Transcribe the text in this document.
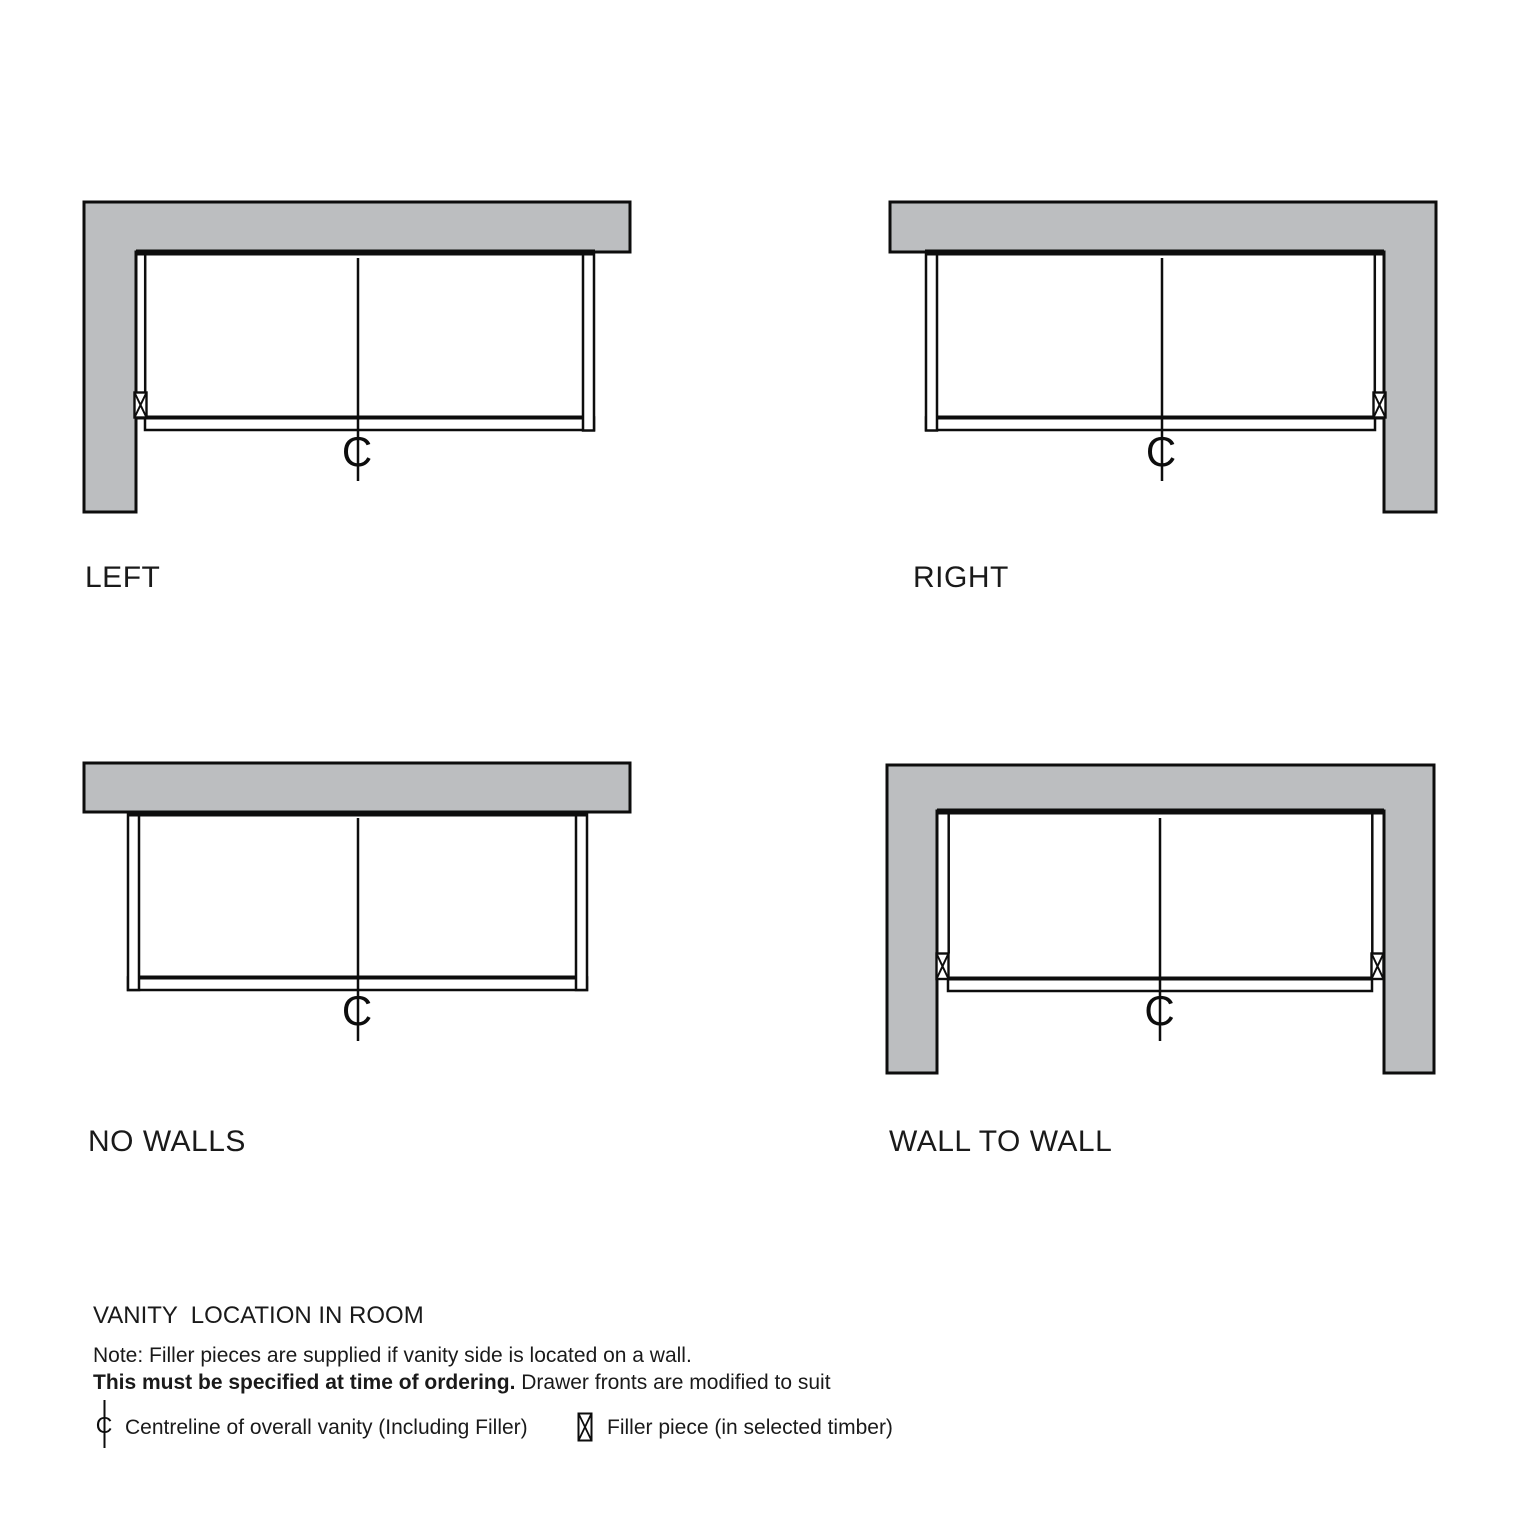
C	C
C	C
LEFT	RIGHT
NO WALLS	WALL TO WALL
VANITY  LOCATION IN ROOM
Note: Filler pieces are supplied if vanity side is located on a wall.
This must be specified at time of ordering. Drawer fronts are modified to suit
C Centreline of overall vanity (Including Filler)	Filler piece (in selected timber)
